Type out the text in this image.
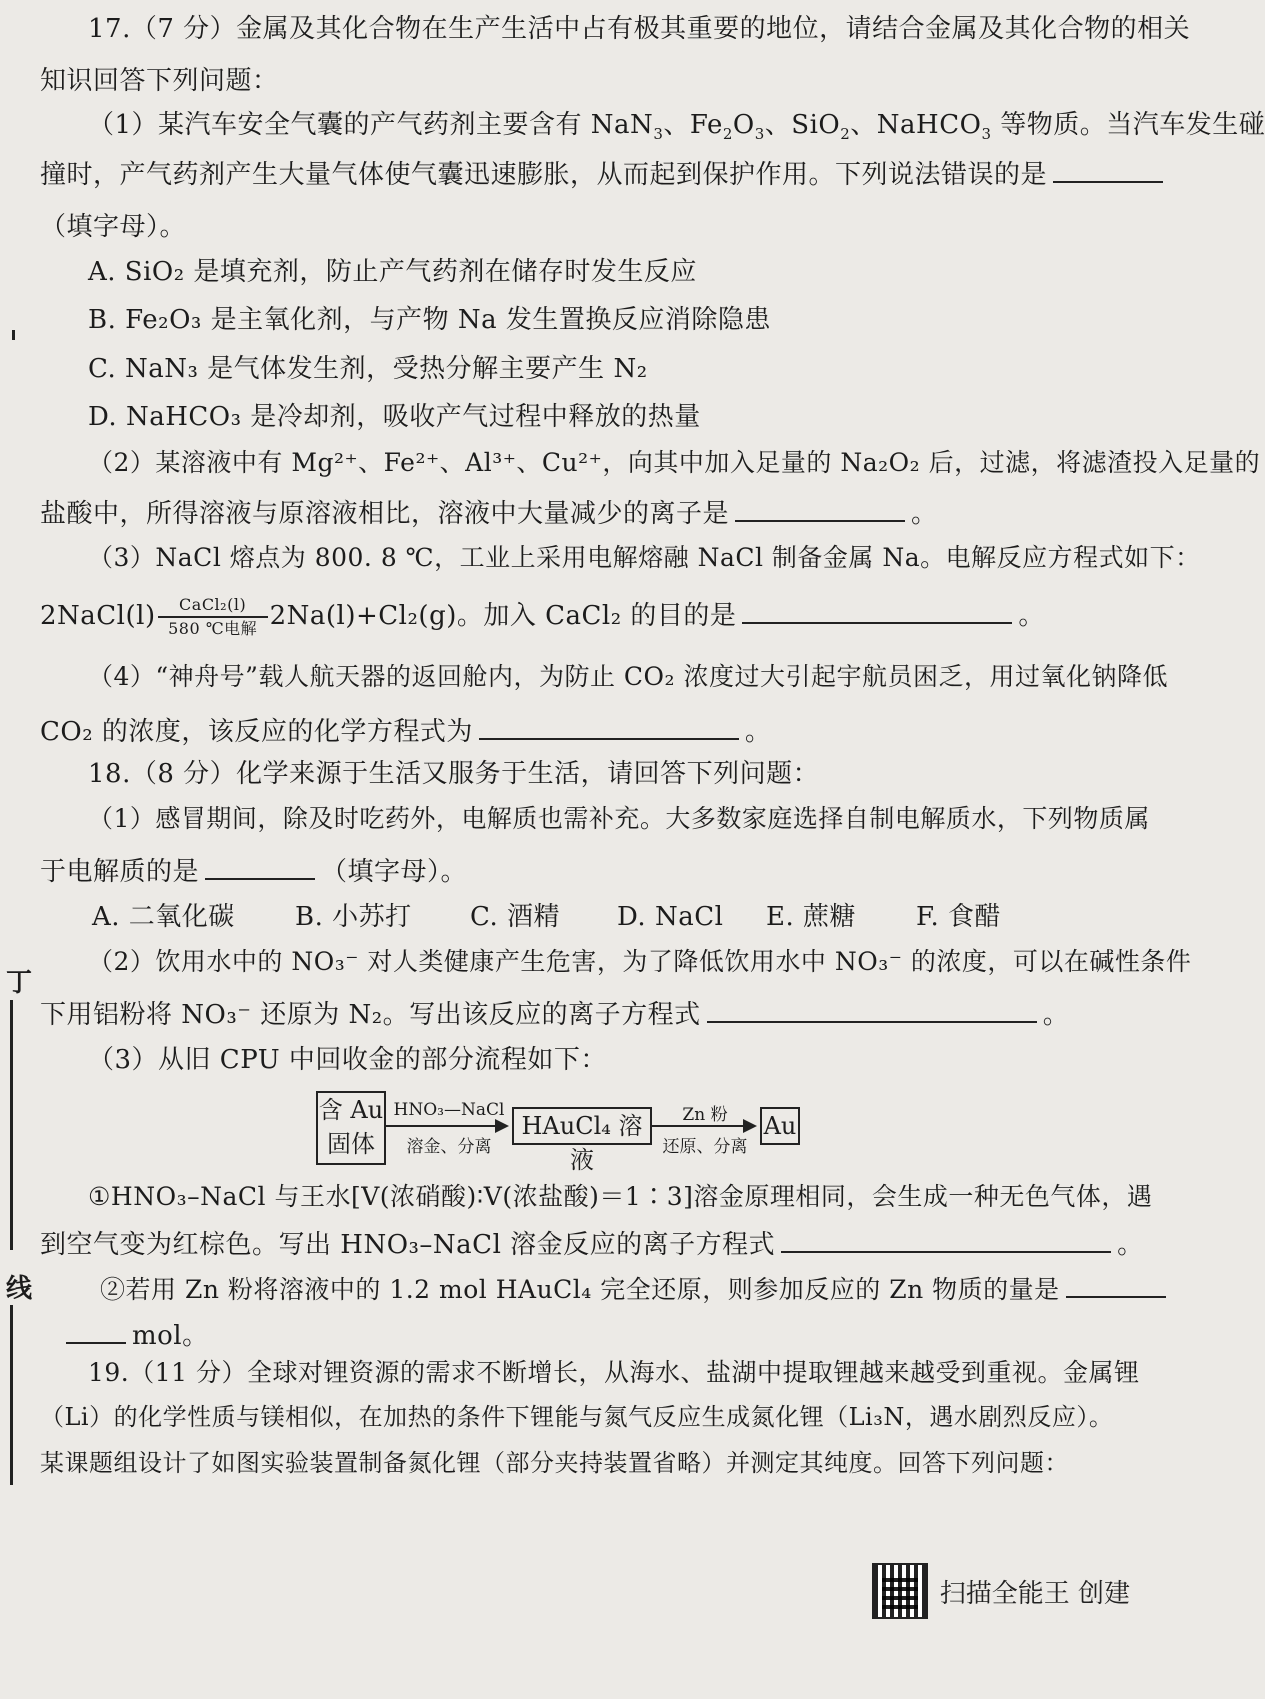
17.（7 分）金属及其化合物在生产生活中占有极其重要的地位，请结合金属及其化合物的相关
知识回答下列问题：
（1）某汽车安全气囊的产气药剂主要含有 NaN$_3$、$Fe_2O_3$、SiO$_2$、NaHCO$_3$ 等物质。当汽车发生碰
撞时，产气药剂产生大量气体使气囊迅速膨胀，从而起到保护作用。下列说法错误的是
（填字母）。
A. SiO₂ 是填充剂，防止产气药剂在储存时发生反应
B. Fe₂O₃ 是主氧化剂，与产物 Na 发生置换反应消除隐患
C. NaN₃ 是气体发生剂，受热分解主要产生 N₂
D. NaHCO₃ 是冷却剂，吸收产气过程中释放的热量
（2）某溶液中有 Mg²⁺、Fe²⁺、Al³⁺、Cu²⁺，向其中加入足量的 Na₂O₂ 后，过滤，将滤渣投入足量的
盐酸中，所得溶液与原溶液相比，溶液中大量减少的离子是	。
（3）NaCl 熔点为 800. 8 ℃，工业上采用电解熔融 NaCl 制备金属 Na。电解反应方程式如下：
2NaCl(l)	CaCl₂(l)
580 ℃电解 2Na(l)+Cl₂(g)。加入 CaCl₂ 的目的是	。
（4）“神舟号”载人航天器的返回舱内，为防止 CO₂ 浓度过大引起宇航员困乏，用过氧化钠降低
CO₂ 的浓度，该反应的化学方程式为	。
18.（8 分）化学来源于生活又服务于生活，请回答下列问题：
（1）感冒期间，除及时吃药外，电解质也需补充。大多数家庭选择自制电解质水，下列物质属
于电解质的是	（填字母）。
A. 二氧化碳 B. 小苏打 C. 酒精 D. NaCl E. 蔗糖 F. 食醋
（2）饮用水中的 NO₃⁻ 对人类健康产生危害，为了降低饮用水中 NO₃⁻ 的浓度，可以在碱性条件
下用铝粉将 NO₃⁻ 还原为 N₂。写出该反应的离子方程式	。
（3）从旧 CPU 中回收金的部分流程如下：
含 Au
固体
HNO₃—NaCl
溶金、分离
HAuCl₄ 溶液
Zn 粉
还原、分离
Au
①HNO₃–NaCl 与王水[V(浓硝酸)∶V(浓盐酸)＝1∶3]溶金原理相同，会生成一种无色气体，遇
到空气变为红棕色。写出 HNO₃–NaCl 溶金反应的离子方程式	。
②若用 Zn 粉将溶液中的 1.2 mol HAuCl₄ 完全还原，则参加反应的 Zn 物质的量是
mol。
19.（11 分）全球对锂资源的需求不断增长，从海水、盐湖中提取锂越来越受到重视。金属锂
（Li）的化学性质与镁相似，在加热的条件下锂能与氮气反应生成氮化锂（Li₃N，遇水剧烈反应）。
某课题组设计了如图实验装置制备氮化锂（部分夹持装置省略）并测定其纯度。回答下列问题：
丁
线
扫描全能王 创建
